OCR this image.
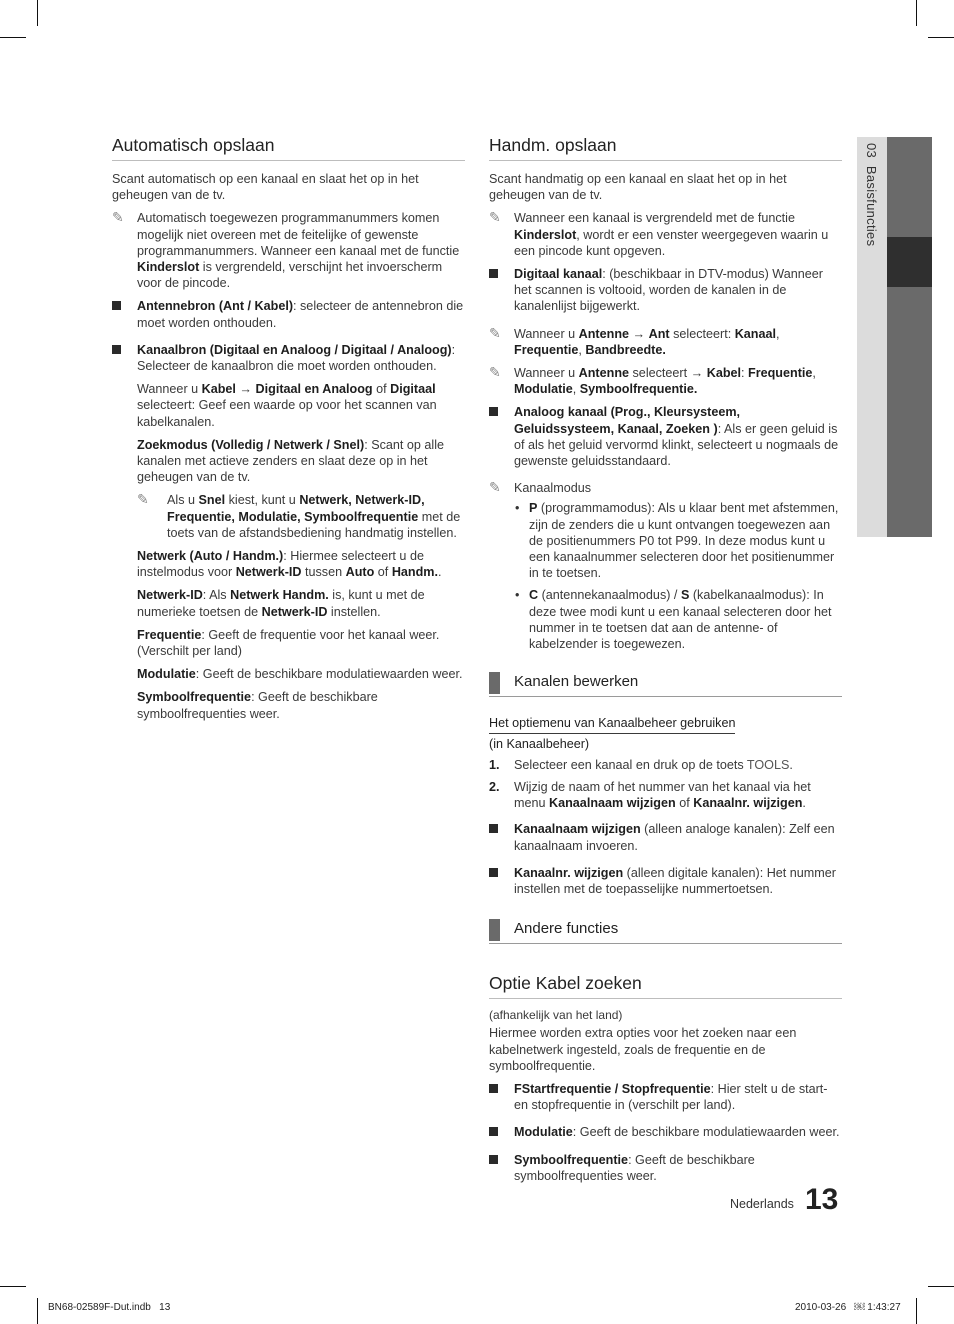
03  Basisfuncties
Automatisch opslaan

Scant automatisch op een kanaal en slaat het op in het geheugen van de tv.

✎ Automatisch toegewezen programmanummers komen mogelijk niet overeen met de feitelijke of gewenste programmanummers. Wanneer een kanaal met de functie Kinderslot is vergrendeld, verschijnt het invoerscherm voor de pincode.
Antennebron (Ant / Kabel): selecteer de antennebron die moet worden onthouden.
Kanaalbron (Digitaal en Analoog / Digitaal / Analoog): Selecteer de kanaalbron die moet worden onthouden.

Wanneer u Kabel → Digitaal en Analoog of Digitaal selecteert: Geef een waarde op voor het scannen van kabelkanalen.

Zoekmodus (Volledig / Netwerk / Snel): Scant op alle kanalen met actieve zenders en slaat deze op in het geheugen van de tv.

✎ Als u Snel kiest, kunt u Netwerk, Netwerk-ID, Frequentie, Modulatie, Symboolfrequentie met de toets van de afstandsbediening handmatig instellen.

Netwerk (Auto / Handm.): Hiermee selecteert u de instelmodus voor Netwerk-ID tussen Auto of Handm..

Netwerk-ID: Als Netwerk Handm. is, kunt u met de numerieke toetsen de Netwerk-ID instellen.

Frequentie: Geeft de frequentie voor het kanaal weer. (Verschilt per land)

Modulatie: Geeft de beschikbare modulatiewaarden weer.

Symboolfrequentie: Geeft de beschikbare symboolfrequenties weer.

Handm. opslaan

Scant handmatig op een kanaal en slaat het op in het geheugen van de tv.

✎ Wanneer een kanaal is vergrendeld met de functie Kinderslot, wordt er een venster weergegeven waarin u een pincode kunt opgeven.
Digitaal kanaal: (beschikbaar in DTV-modus) Wanneer het scannen is voltooid, worden de kanalen in de kanalenlijst bijgewerkt.
✎ Wanneer u Antenne → Ant selecteert: Kanaal, Frequentie, Bandbreedte.
✎ Wanneer u Antenne selecteert → Kabel: Frequentie, Modulatie, Symboolfrequentie.
Analoog kanaal (Prog., Kleursysteem, Geluidssysteem, Kanaal, Zoeken ): Als er geen geluid is of als het geluid vervormd klinkt, selecteert u nogmaals de gewenste geluidsstandaard.
✎ Kanaalmodus
• P (programmamodus): Als u klaar bent met afstemmen, zijn de zenders die u kunt ontvangen toegewezen aan de positienummers P0 tot P99. In deze modus kunt u een kanaalnummer selecteren door het positienummer in te toetsen.
• C (antennekanaalmodus) / S (kabelkanaalmodus): In deze twee modi kunt u een kanaal selecteren door het nummer in te toetsen dat aan de antenne- of kabelzender is toegewezen.
Kanalen bewerken

Het optiemenu van Kanaalbeheer gebruiken

(in Kanaalbeheer)

1. Selecteer een kanaal en druk op de toets TOOLS.
2. Wijzig de naam of het nummer van het kanaal via het menu Kanaalnaam wijzigen of Kanaalnr. wijzigen.
Kanaalnaam wijzigen (alleen analoge kanalen): Zelf een kanaalnaam invoeren.
Kanaalnr. wijzigen (alleen digitale kanalen): Het nummer instellen met de toepasselijke nummertoetsen.
Andere functies
Optie Kabel zoeken

(afhankelijk van het land)

Hiermee worden extra opties voor het zoeken naar een kabelnetwerk ingesteld, zoals de frequentie en de symboolfrequentie.

FStartfrequentie / Stopfrequentie: Hier stelt u de start- en stopfrequentie in (verschilt per land).
Modulatie: Geeft de beschikbare modulatiewaarden weer.
Symboolfrequentie: Geeft de beschikbare symboolfrequenties weer.
Nederlands 13
BN68-02589F-Dut.indb   13	2010-03-26   ￼ 1:43:27
